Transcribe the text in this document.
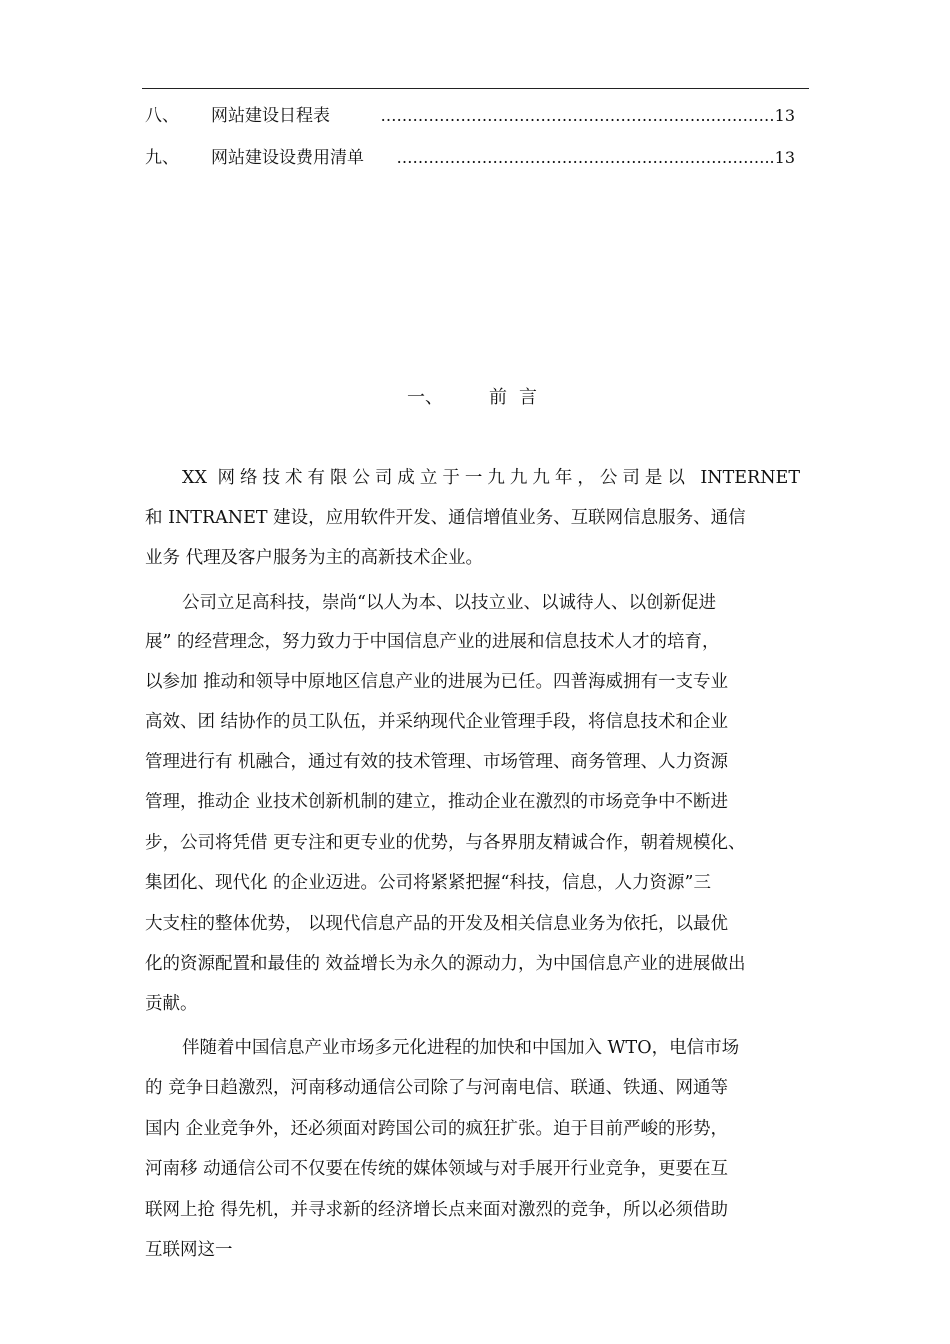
八、 网站建设日程表	……………………………………………………..…………13
九、 网站建设设费用清单 ……………………………………………………………..13
一、	前 言
XX 网络技术有限公司成立于一九九九年，公司是以 INTERNET
和 INTRANET 建设，应用软件开发、通信增值业务、互联网信息服务、通信
业务 代理及客户服务为主的高新技术企业。
公司立足高科技，崇尚“以人为本、以技立业、以诚待人、以创新促进
展” 的经营理念，努力致力于中国信息产业的进展和信息技术人才的培育，
以参加 推动和领导中原地区信息产业的进展为已任。四普海威拥有一支专业
高效、团 结协作的员工队伍，并采纳现代企业管理手段，将信息技术和企业
管理进行有 机融合，通过有效的技术管理、市场管理、商务管理、人力资源
管理，推动企 业技术创新机制的建立，推动企业在激烈的市场竞争中不断进
步，公司将凭借 更专注和更专业的优势，与各界朋友精诚合作，朝着规模化、
集团化、现代化 的企业迈进。公司将紧紧把握“科技，信息，人力资源”三
大支柱的整体优势， 以现代信息产品的开发及相关信息业务为依托，以最优
化的资源配置和最佳的 效益增长为永久的源动力，为中国信息产业的进展做出
贡献。
伴随着中国信息产业市场多元化进程的加快和中国加入 WTO，电信市场
的 竞争日趋激烈，河南移动通信公司除了与河南电信、联通、铁通、网通等
国内 企业竞争外，还必须面对跨国公司的疯狂扩张。迫于目前严峻的形势，
河南移 动通信公司不仅要在传统的媒体领域与对手展开行业竞争，更要在互
联网上抢 得先机，并寻求新的经济增长点来面对激烈的竞争，所以必须借助
互联网这一
